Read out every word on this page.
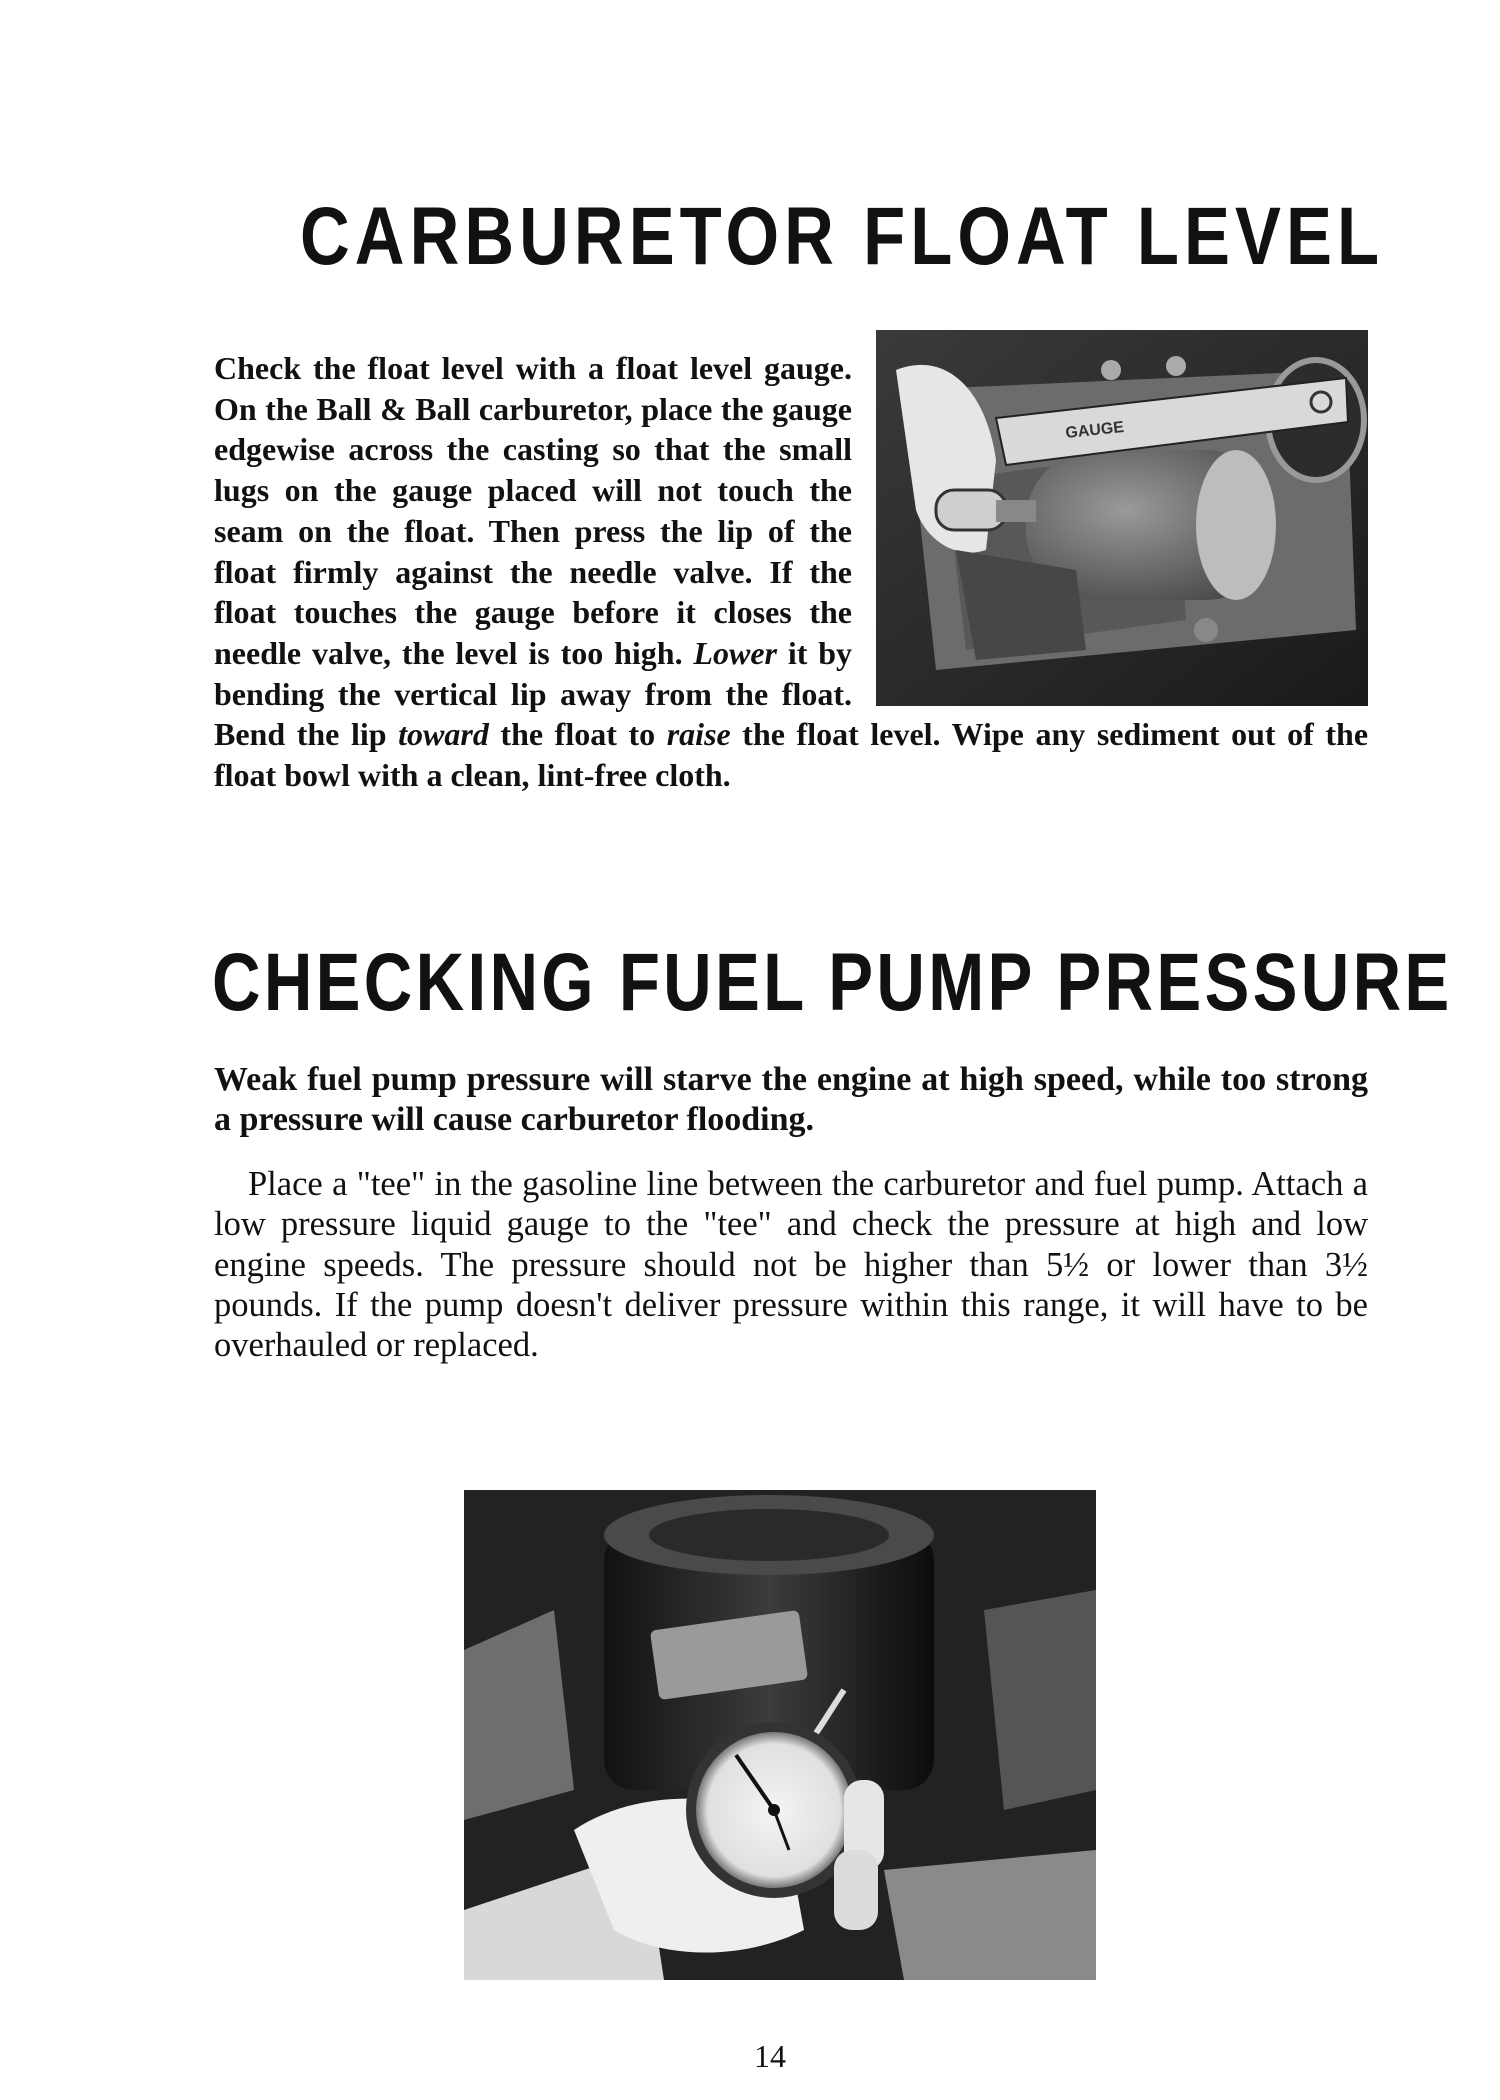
CARBURETOR FLOAT LEVEL

GAUGE
Check the float level with a float level gauge. On the Ball & Ball carburetor, place the gauge edgewise across the casting so that the small lugs on the gauge placed will not touch the seam on the float. Then press the lip of the float firmly against the needle valve. If the float touches the gauge before it closes the needle valve, the level is too high. Lower it by bending the vertical lip away from the float. Bend the lip toward the float to raise the float level. Wipe any sediment out of the float bowl with a clean, lint-free cloth.

CHECKING FUEL PUMP PRESSURE

Weak fuel pump pressure will starve the engine at high speed, while too strong a pressure will cause carburetor flooding.

Place a "tee" in the gasoline line between the carburetor and fuel pump. Attach a low pressure liquid gauge to the "tee" and check the pressure at high and low engine speeds. The pressure should not be higher than 5½ or lower than 3½ pounds. If the pump doesn't deliver pressure within this range, it will have to be overhauled or replaced.

14
